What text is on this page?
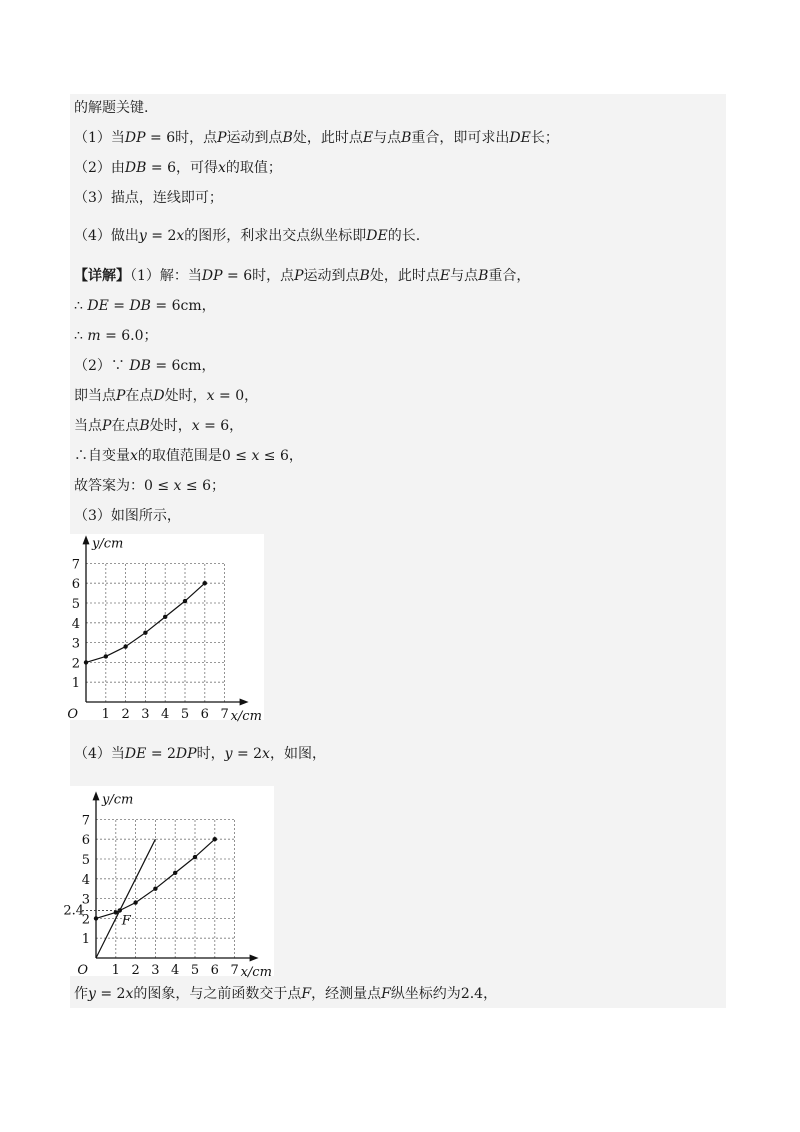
的解题关键.
（1）当DP = 6时，点P运动到点B处，此时点E与点B重合，即可求出DE长；
（2）由DB = 6，可得x的取值；
（3）描点，连线即可；
（4）做出y = 2x的图形，利求出交点纵坐标即DE的长.
【详解】（1）解：当DP = 6时，点P运动到点B处，此时点E与点B重合，
∴ DE = DB = 6cm，
∴ m = 6.0；
（2）∵ DB = 6cm，
即当点P在点D处时，x = 0，
当点P在点B处时，x = 6，
∴自变量x的取值范围是0 ≤ x ≤ 6，
故答案为：0 ≤ x ≤ 6；
（3）如图所示，
1 2 3 4 5 6 7
1
2
3
4
5
6
7
O	x/cm
y/cm
（4）当DE = 2DP时，y = 2x，如图，
1 2 3 4 5 6 7
1
2
3
4
5
6
7
O	x/cm
y/cm
F
2.4
作y = 2x的图象，与之前函数交于点F，经测量点F纵坐标约为2.4，
